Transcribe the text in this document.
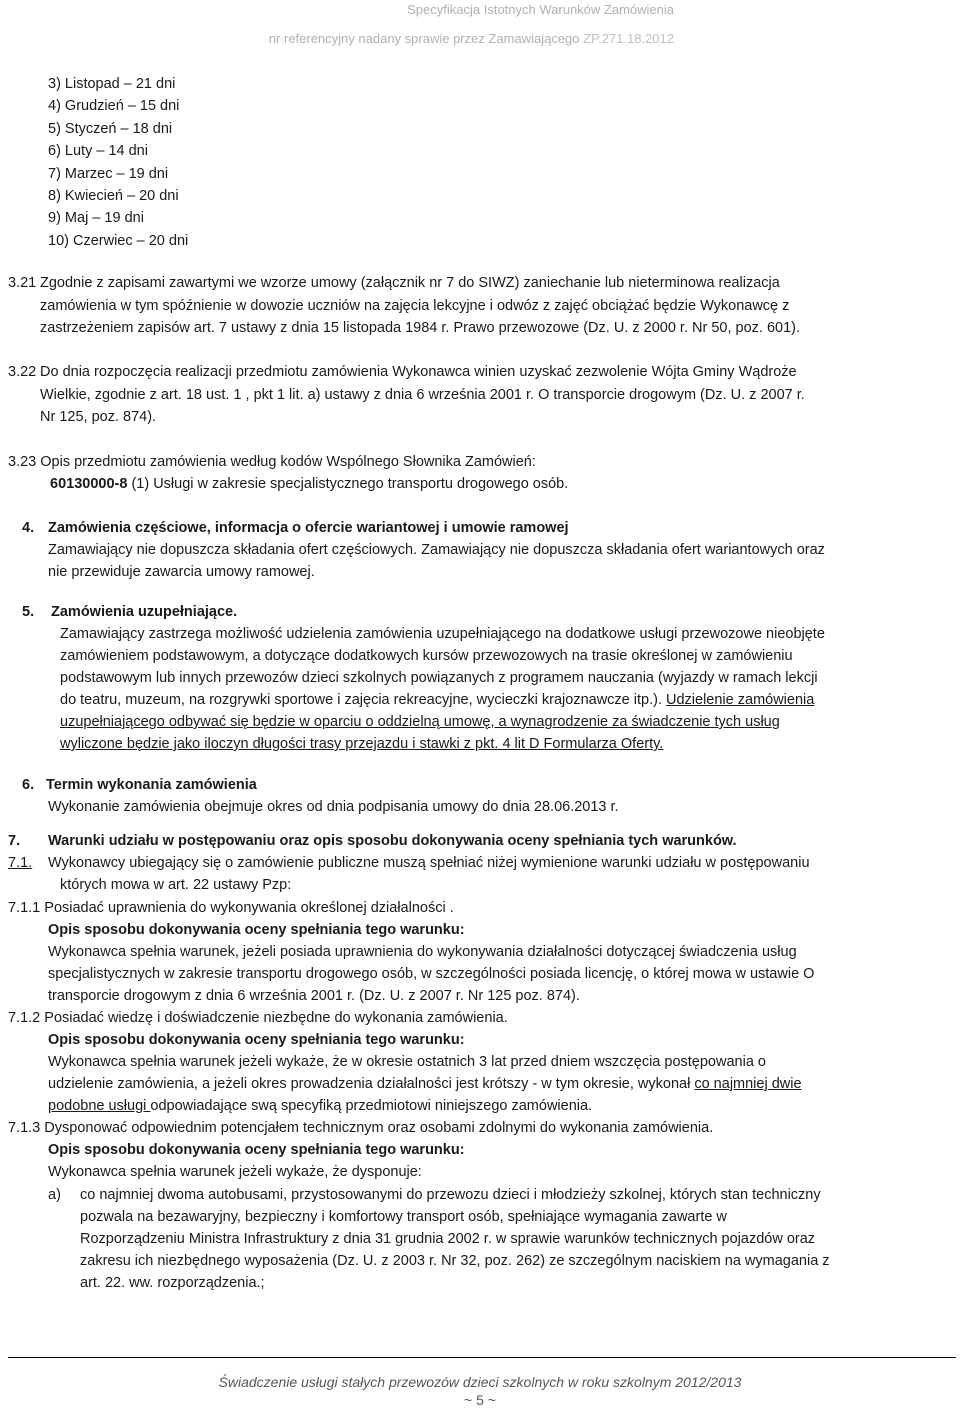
Specyfikacja Istotnych Warunków Zamówienia
nr referencyjny nadany sprawie przez Zamawiającego ZP.271.18.2012
3) Listopad – 21 dni
4) Grudzień – 15 dni
5) Styczeń – 18 dni
6) Luty – 14 dni
7) Marzec – 19 dni
8) Kwiecień – 20 dni
9) Maj – 19 dni
10) Czerwiec – 20 dni
3.21 Zgodnie z zapisami zawartymi we wzorze umowy (załącznik nr 7 do SIWZ) zaniechanie lub nieterminowa realizacja
zamówienia w tym spóźnienie w dowozie uczniów na zajęcia lekcyjne i odwóz z zajęć obciążać będzie Wykonawcę z
zastrzeżeniem zapisów art. 7 ustawy z dnia 15 listopada 1984 r. Prawo przewozowe (Dz. U. z 2000 r. Nr 50, poz. 601).
3.22 Do dnia rozpoczęcia realizacji przedmiotu zamówienia Wykonawca winien uzyskać zezwolenie Wójta Gminy Wądroże
Wielkie, zgodnie z art. 18 ust. 1 , pkt 1 lit. a) ustawy z dnia 6 września 2001 r. O transporcie drogowym (Dz. U. z 2007 r.
Nr 125, poz. 874).
3.23 Opis przedmiotu zamówienia według kodów Wspólnego Słownika Zamówień:
60130000-8 (1) Usługi w zakresie specjalistycznego transportu drogowego osób.
4. Zamówienia częściowe, informacja o ofercie wariantowej i umowie ramowej
Zamawiający nie dopuszcza składania ofert częściowych. Zamawiający nie dopuszcza składania ofert wariantowych oraz
nie przewiduje zawarcia umowy ramowej.
5. Zamówienia uzupełniające.
Zamawiający zastrzega możliwość udzielenia zamówienia uzupełniającego na dodatkowe usługi przewozowe nieobjęte
zamówieniem podstawowym, a dotyczące dodatkowych kursów przewozowych na trasie określonej w zamówieniu
podstawowym lub innych przewozów dzieci szkolnych powiązanych z programem nauczania (wyjazdy w ramach lekcji
do teatru, muzeum, na rozgrywki sportowe i zajęcia rekreacyjne, wycieczki krajoznawcze itp.). Udzielenie zamówienia
uzupełniającego odbywać się będzie w oparciu o oddzielną umowę, a wynagrodzenie za świadczenie tych usług
wyliczone będzie jako iloczyn długości trasy przejazdu i stawki z pkt. 4 lit D Formularza Oferty.
6. Termin wykonania zamówienia
Wykonanie zamówienia obejmuje okres od dnia podpisania umowy do dnia 28.06.2013 r.
7. Warunki udziału w postępowaniu oraz opis sposobu dokonywania oceny spełniania tych warunków.
7.1. Wykonawcy ubiegający się o zamówienie publiczne muszą spełniać niżej wymienione warunki udziału w postępowaniu
których mowa w art. 22 ustawy Pzp:
7.1.1 Posiadać uprawnienia do wykonywania określonej działalności .
Opis sposobu dokonywania oceny spełniania tego warunku:
Wykonawca spełnia warunek, jeżeli posiada uprawnienia do wykonywania działalności dotyczącej świadczenia usług
specjalistycznych w zakresie transportu drogowego osób, w szczególności posiada licencję, o której mowa w ustawie O
transporcie drogowym z dnia 6 września 2001 r. (Dz. U. z 2007 r. Nr 125 poz. 874).
7.1.2 Posiadać wiedzę i doświadczenie niezbędne do wykonania zamówienia.
Opis sposobu dokonywania oceny spełniania tego warunku:
Wykonawca spełnia warunek jeżeli wykaże, że w okresie ostatnich 3 lat przed dniem wszczęcia postępowania o
udzielenie zamówienia, a jeżeli okres prowadzenia działalności jest krótszy - w tym okresie, wykonał co najmniej dwie
podobne usługi odpowiadające swą specyfiką przedmiotowi niniejszego zamówienia.
7.1.3 Dysponować odpowiednim potencjałem technicznym oraz osobami zdolnymi do wykonania zamówienia.
Opis sposobu dokonywania oceny spełniania tego warunku:
Wykonawca spełnia warunek jeżeli wykaże, że dysponuje:
a) co najmniej dwoma autobusami, przystosowanymi do przewozu dzieci i młodzieży szkolnej, których stan techniczny
pozwala na bezawaryjny, bezpieczny i komfortowy transport osób, spełniające wymagania zawarte w
Rozporządzeniu Ministra Infrastruktury z dnia 31 grudnia 2002 r. w sprawie warunków technicznych pojazdów oraz
zakresu ich niezbędnego wyposażenia (Dz. U. z 2003 r. Nr 32, poz. 262) ze szczególnym naciskiem na wymagania z
art. 22. ww. rozporządzenia.;
Świadczenie usługi stałych przewozów dzieci szkolnych w roku szkolnym 2012/2013
~ 5 ~
